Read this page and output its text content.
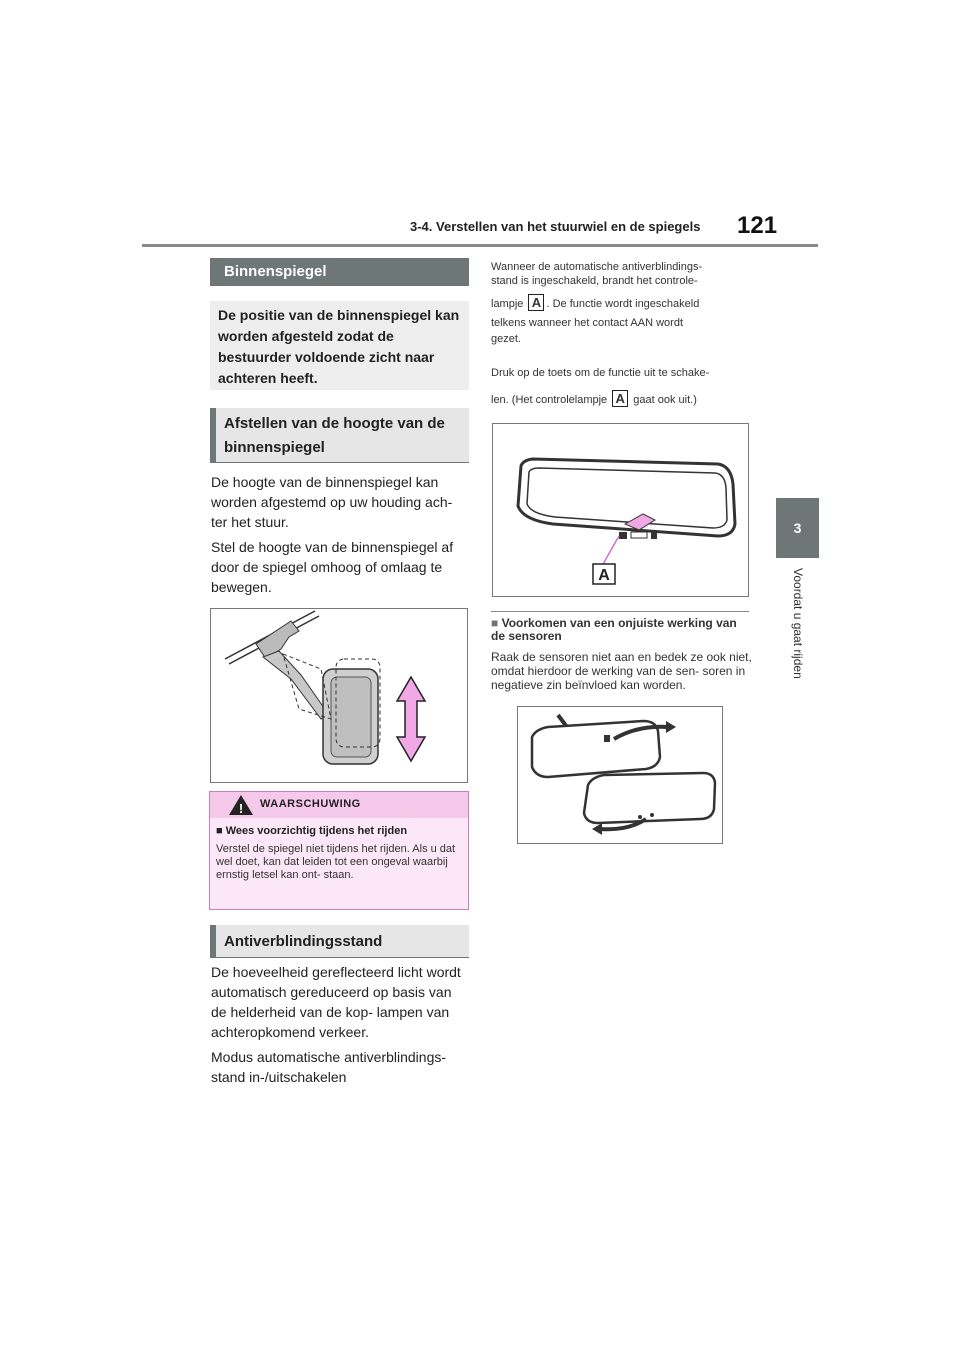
3-4. Verstellen van het stuurwiel en de spiegels 121
3
Voordat u gaat rijden
Binnenspiegel
De positie van de binnenspiegel kan worden afgesteld zodat de bestuurder voldoende zicht naar achteren heeft.
Afstellen van de hoogte van de binnenspiegel
De hoogte van de binnenspiegel kan worden afgestemd op uw houding ach- ter het stuur.
Stel de hoogte van de binnenspiegel af door de spiegel omhoog of omlaag te bewegen.
! WAARSCHUWING
■ Wees voorzichtig tijdens het rijden
Verstel de spiegel niet tijdens het rijden. Als u dat wel doet, kan dat leiden tot een ongeval waarbij ernstig letsel kan ont- staan.
Antiverblindingsstand
De hoeveelheid gereflecteerd licht wordt automatisch gereduceerd op basis van de helderheid van de kop- lampen van achteropkomend verkeer.
Modus automatische antiverblindings- stand in-/uitschakelen
Wanneer de automatische antiverblindings-
stand is ingeschakeld, brandt het controle-
lampje A . De functie wordt ingeschakeld
telkens wanneer het contact AAN wordt
gezet.
Druk op de toets om de functie uit te schake-
len. (Het controlelampje A gaat ook uit.)
A
■ Voorkomen van een onjuiste werking van de sensoren
Raak de sensoren niet aan en bedek ze ook niet, omdat hierdoor de werking van de sen- soren in negatieve zin beïnvloed kan worden.
